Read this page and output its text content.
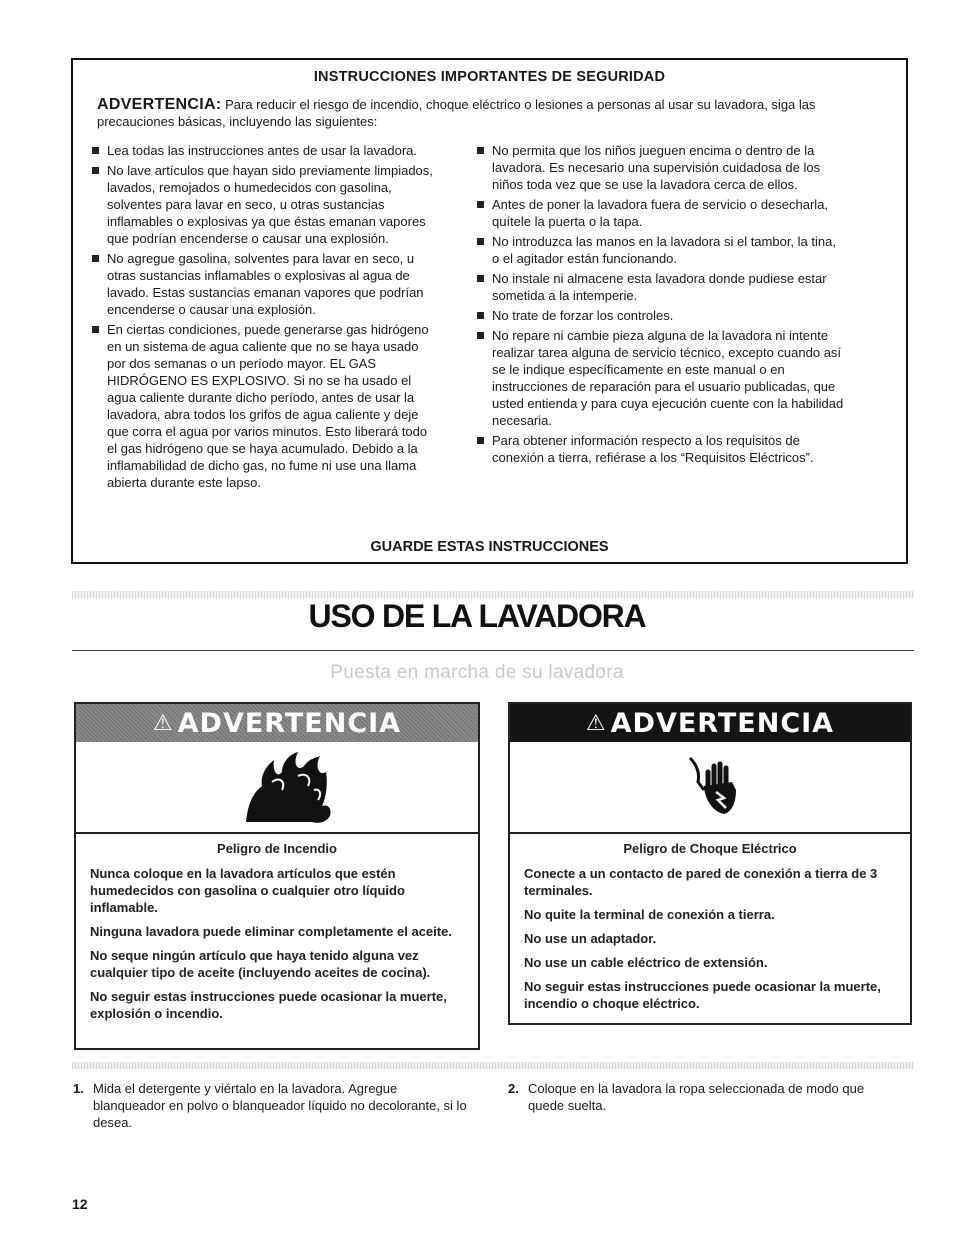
INSTRUCCIONES IMPORTANTES DE SEGURIDAD
ADVERTENCIA: Para reducir el riesgo de incendio, choque eléctrico o lesiones a personas al usar su lavadora, siga las precauciones básicas, incluyendo las siguientes:
Lea todas las instrucciones antes de usar la lavadora.
No lave artículos que hayan sido previamente limpiados, lavados, remojados o humedecidos con gasolina, solventes para lavar en seco, u otras sustancias inflamables o explosivas ya que éstas emanan vapores que podrían encenderse o causar una explosión.
No agregue gasolina, solventes para lavar en seco, u otras sustancias inflamables o explosivas al agua de lavado. Estas sustancias emanan vapores que podrían encenderse o causar una explosión.
En ciertas condiciones, puede generarse gas hidrógeno en un sistema de agua caliente que no se haya usado por dos semanas o un período mayor. EL GAS HIDRÓGENO ES EXPLOSIVO. Si no se ha usado el agua caliente durante dicho período, antes de usar la lavadora, abra todos los grifos de agua caliente y deje que corra el agua por varios minutos. Esto liberará todo el gas hidrógeno que se haya acumulado. Debido a la inflamabilidad de dicho gas, no fume ni use una llama abierta durante este lapso.
No permita que los niños jueguen encima o dentro de la lavadora. Es necesario una supervisión cuidadosa de los niños toda vez que se use la lavadora cerca de ellos.
Antes de poner la lavadora fuera de servicio o desecharla, quítele la puerta o la tapa.
No introduzca las manos en la lavadora si el tambor, la tina, o el agitador están funcionando.
No instale ni almacene esta lavadora donde pudiese estar sometida a la intemperie.
No trate de forzar los controles.
No repare ni cambie pieza alguna de la lavadora ni intente realizar tarea alguna de servicio técnico, excepto cuando así se le indique específicamente en este manual o en instrucciones de reparación para el usuario publicadas, que usted entienda y para cuya ejecución cuente con la habilidad necesaria.
Para obtener información respecto a los requisitos de conexión a tierra, refiérase a los “Requisitos Eléctricos”.
GUARDE ESTAS INSTRUCCIONES
USO DE LA LAVADORA
Puesta en marcha de su lavadora
⚠ ADVERTENCIA
Peligro de Incendio

Nunca coloque en la lavadora artículos que estén humedecidos con gasolina o cualquier otro líquido inflamable.

Ninguna lavadora puede eliminar completamente el aceite.

No seque ningún artículo que haya tenido alguna vez cualquier tipo de aceite (incluyendo aceites de cocina).

No seguir estas instrucciones puede ocasionar la muerte, explosión o incendio.

⚠ ADVERTENCIA
Peligro de Choque Eléctrico

Conecte a un contacto de pared de conexión a tierra de 3 terminales.

No quite la terminal de conexión a tierra.

No use un adaptador.

No use un cable eléctrico de extensión.

No seguir estas instrucciones puede ocasionar la muerte, incendio o choque eléctrico.

1. Mida el detergente y viértalo en la lavadora. Agregue blanqueador en polvo o blanqueador líquido no decolorante, si lo desea.
2. Coloque en la lavadora la ropa seleccionada de modo que quede suelta.
12
